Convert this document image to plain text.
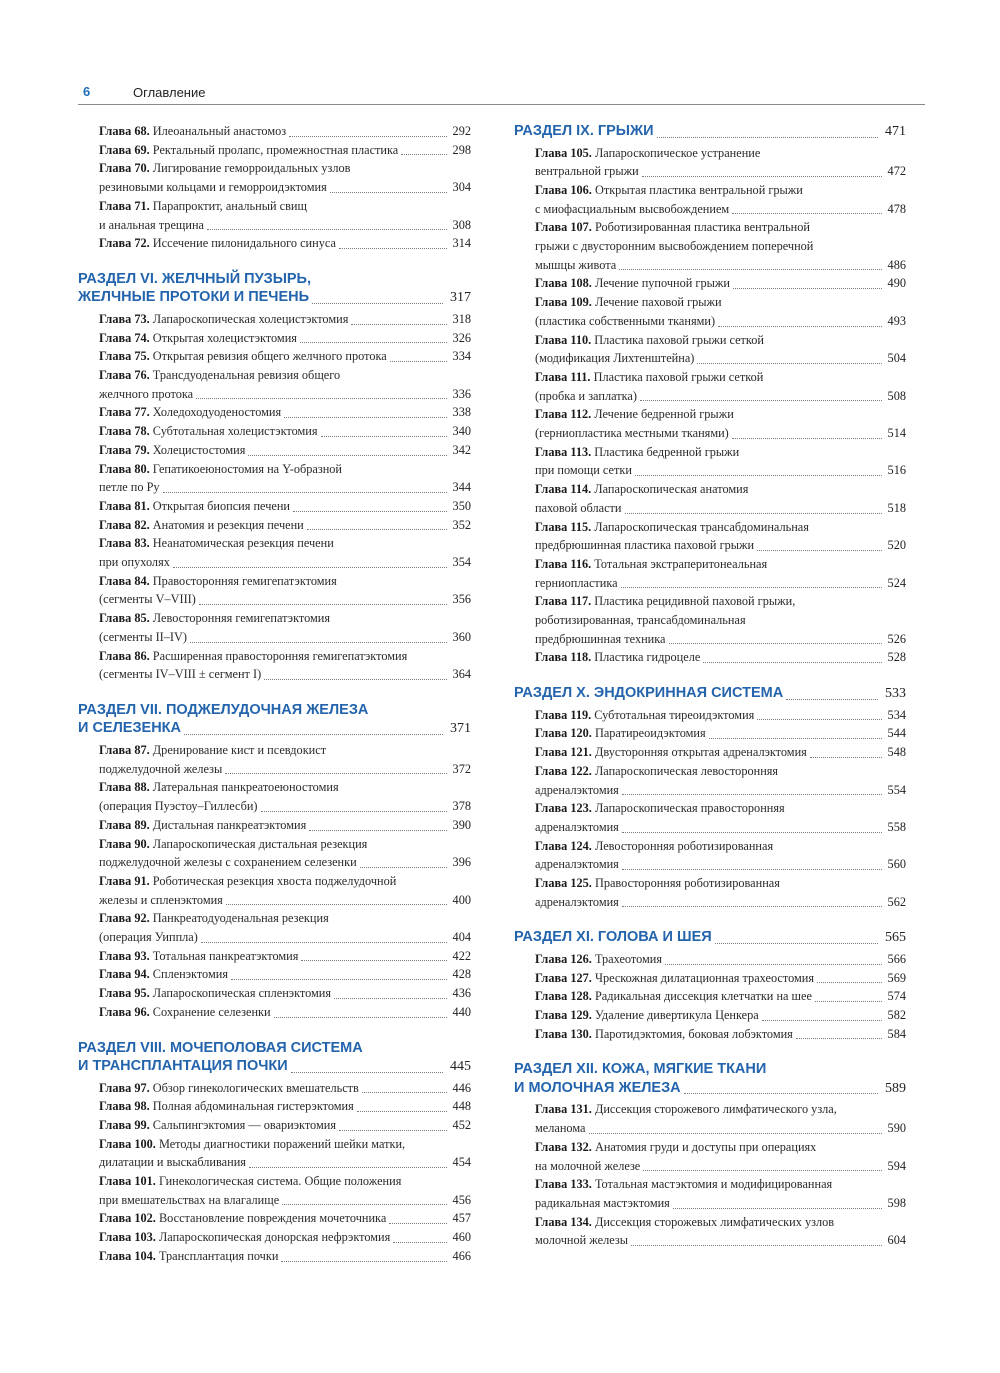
6	Оглавление
Глава 68. Илеоанальный анастомоз	292
Глава 69. Ректальный пролапс, промежностная пластика	298
Глава 70. Лигирование геморроидальных узлов
резиновыми кольцами и геморроидэктомия	304
Глава 71. Парапроктит, анальный свищ
и анальная трещина	308
Глава 72. Иссечение пилонидального синуса	314
РАЗДЕЛ VI. ЖЕЛЧНЫЙ ПУЗЫРЬ,
ЖЕЛЧНЫЕ ПРОТОКИ И ПЕЧЕНЬ	317
Глава 73. Лапароскопическая холецистэктомия	318
Глава 74. Открытая холецистэктомия	326
Глава 75. Открытая ревизия общего желчного протока	334
Глава 76. Трансдуоденальная ревизия общего
желчного протока	336
Глава 77. Холедоходуоденостомия	338
Глава 78. Субтотальная холецистэктомия	340
Глава 79. Холецистостомия	342
Глава 80. Гепатикоеюностомия на Y-образной
петле по Ру	344
Глава 81. Открытая биопсия печени	350
Глава 82. Анатомия и резекция печени	352
Глава 83. Неанатомическая резекция печени
при опухолях	354
Глава 84. Правосторонняя гемигепатэктомия
(сегменты V–VIII)	356
Глава 85. Левосторонняя гемигепатэктомия
(сегменты II–IV)	360
Глава 86. Расширенная правосторонняя гемигепатэктомия
(сегменты IV–VIII ± сегмент I)	364
РАЗДЕЛ VII. ПОДЖЕЛУДОЧНАЯ ЖЕЛЕЗА
И СЕЛЕЗЕНКА	371
Глава 87. Дренирование кист и псевдокист
поджелудочной железы	372
Глава 88. Латеральная панкреатоеюностомия
(операция Пуэстоу–Гиллесби)	378
Глава 89. Дистальная панкреатэктомия	390
Глава 90. Лапароскопическая дистальная резекция
поджелудочной железы с сохранением селезенки	396
Глава 91. Роботическая резекция хвоста поджелудочной
железы и спленэктомия	400
Глава 92. Панкреатодуоденальная резекция
(операция Уиппла)	404
Глава 93. Тотальная панкреатэктомия	422
Глава 94. Спленэктомия	428
Глава 95. Лапароскопическая спленэктомия	436
Глава 96. Сохранение селезенки	440
РАЗДЕЛ VIII. МОЧЕПОЛОВАЯ СИСТЕМА
И ТРАНСПЛАНТАЦИЯ ПОЧКИ	445
Глава 97. Обзор гинекологических вмешательств	446
Глава 98. Полная абдоминальная гистерэктомия	448
Глава 99. Сальпингэктомия — овариэктомия	452
Глава 100. Методы диагностики поражений шейки матки,
дилатации и выскабливания	454
Глава 101. Гинекологическая система. Общие положения
при вмешательствах на влагалище	456
Глава 102. Восстановление повреждения мочеточника	457
Глава 103. Лапароскопическая донорская нефрэктомия	460
Глава 104. Трансплантация почки	466
РАЗДЕЛ IX. ГРЫЖИ	471
Глава 105. Лапароскопическое устранение
вентральной грыжи	472
Глава 106. Открытая пластика вентральной грыжи
с миофасциальным высвобождением	478
Глава 107. Роботизированная пластика вентральной
грыжи с двусторонним высвобождением поперечной
мышцы живота	486
Глава 108. Лечение пупочной грыжи	490
Глава 109. Лечение паховой грыжи
(пластика собственными тканями)	493
Глава 110. Пластика паховой грыжи сеткой
(модификация Лихтенштейна)	504
Глава 111. Пластика паховой грыжи сеткой
(пробка и заплатка)	508
Глава 112. Лечение бедренной грыжи
(герниопластика местными тканями)	514
Глава 113. Пластика бедренной грыжи
при помощи сетки	516
Глава 114. Лапароскопическая анатомия
паховой области	518
Глава 115. Лапароскопическая трансабдоминальная
предбрюшинная пластика паховой грыжи	520
Глава 116. Тотальная экстраперитонеальная
герниопластика	524
Глава 117. Пластика рецидивной паховой грыжи,
роботизированная, трансабдоминальная
предбрюшинная техника	526
Глава 118. Пластика гидроцеле	528
РАЗДЕЛ X. ЭНДОКРИННАЯ СИСТЕМА	533
Глава 119. Субтотальная тиреоидэктомия	534
Глава 120. Паратиреоидэктомия	544
Глава 121. Двусторонняя открытая адреналэктомия	548
Глава 122. Лапароскопическая левосторонняя
адреналэктомия	554
Глава 123. Лапароскопическая правосторонняя
адреналэктомия	558
Глава 124. Левосторонняя роботизированная
адреналэктомия	560
Глава 125. Правосторонняя роботизированная
адреналэктомия	562
РАЗДЕЛ XI. ГОЛОВА И ШЕЯ	565
Глава 126. Трахеотомия	566
Глава 127. Чрескожная дилатационная трахеостомия	569
Глава 128. Радикальная диссекция клетчатки на шее	574
Глава 129. Удаление дивертикула Ценкера	582
Глава 130. Паротидэктомия, боковая лобэктомия	584
РАЗДЕЛ XII. КОЖА, МЯГКИЕ ТКАНИ
И МОЛОЧНАЯ ЖЕЛЕЗА	589
Глава 131. Диссекция сторожевого лимфатического узла,
меланома	590
Глава 132. Анатомия груди и доступы при операциях
на молочной железе	594
Глава 133. Тотальная мастэктомия и модифицированная
радикальная мастэктомия	598
Глава 134. Диссекция сторожевых лимфатических узлов
молочной железы	604
